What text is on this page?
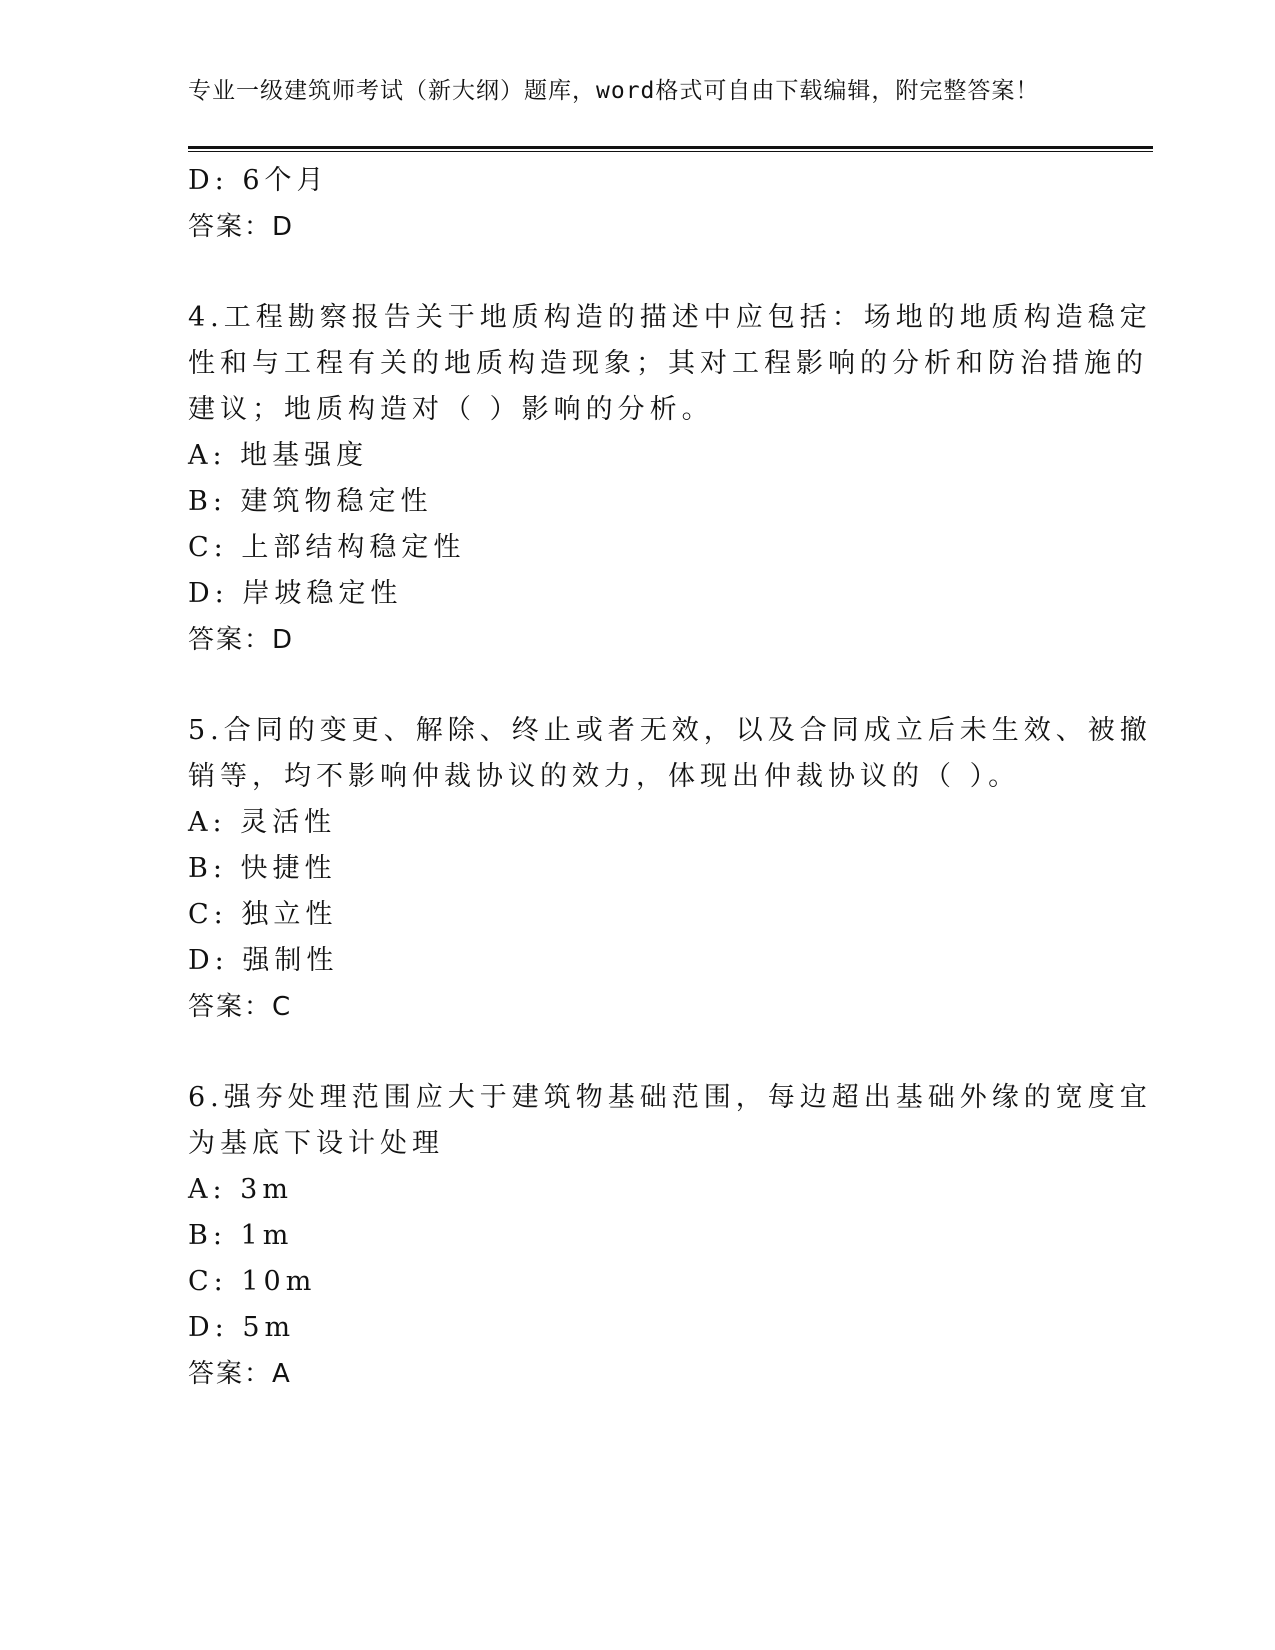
专业一级建筑师考试（新大纲）题库，word格式可自由下载编辑，附完整答案！
D: 6个月
答案：D
4.工程勘察报告关于地质构造的描述中应包括：场地的地质构造稳定
性和与工程有关的地质构造现象；其对工程影响的分析和防治措施的
建议；地质构造对（ ）影响的分析。
A: 地基强度
B: 建筑物稳定性
C: 上部结构稳定性
D: 岸坡稳定性
答案：D
5.合同的变更、解除、终止或者无效，以及合同成立后未生效、被撤
销等，均不影响仲裁协议的效力，体现出仲裁协议的（ ）。
A: 灵活性
B: 快捷性
C: 独立性
D: 强制性
答案：C
6.强夯处理范围应大于建筑物基础范围，每边超出基础外缘的宽度宜
为基底下设计处理
A: 3m
B: 1m
C: 10m
D: 5m
答案：A
